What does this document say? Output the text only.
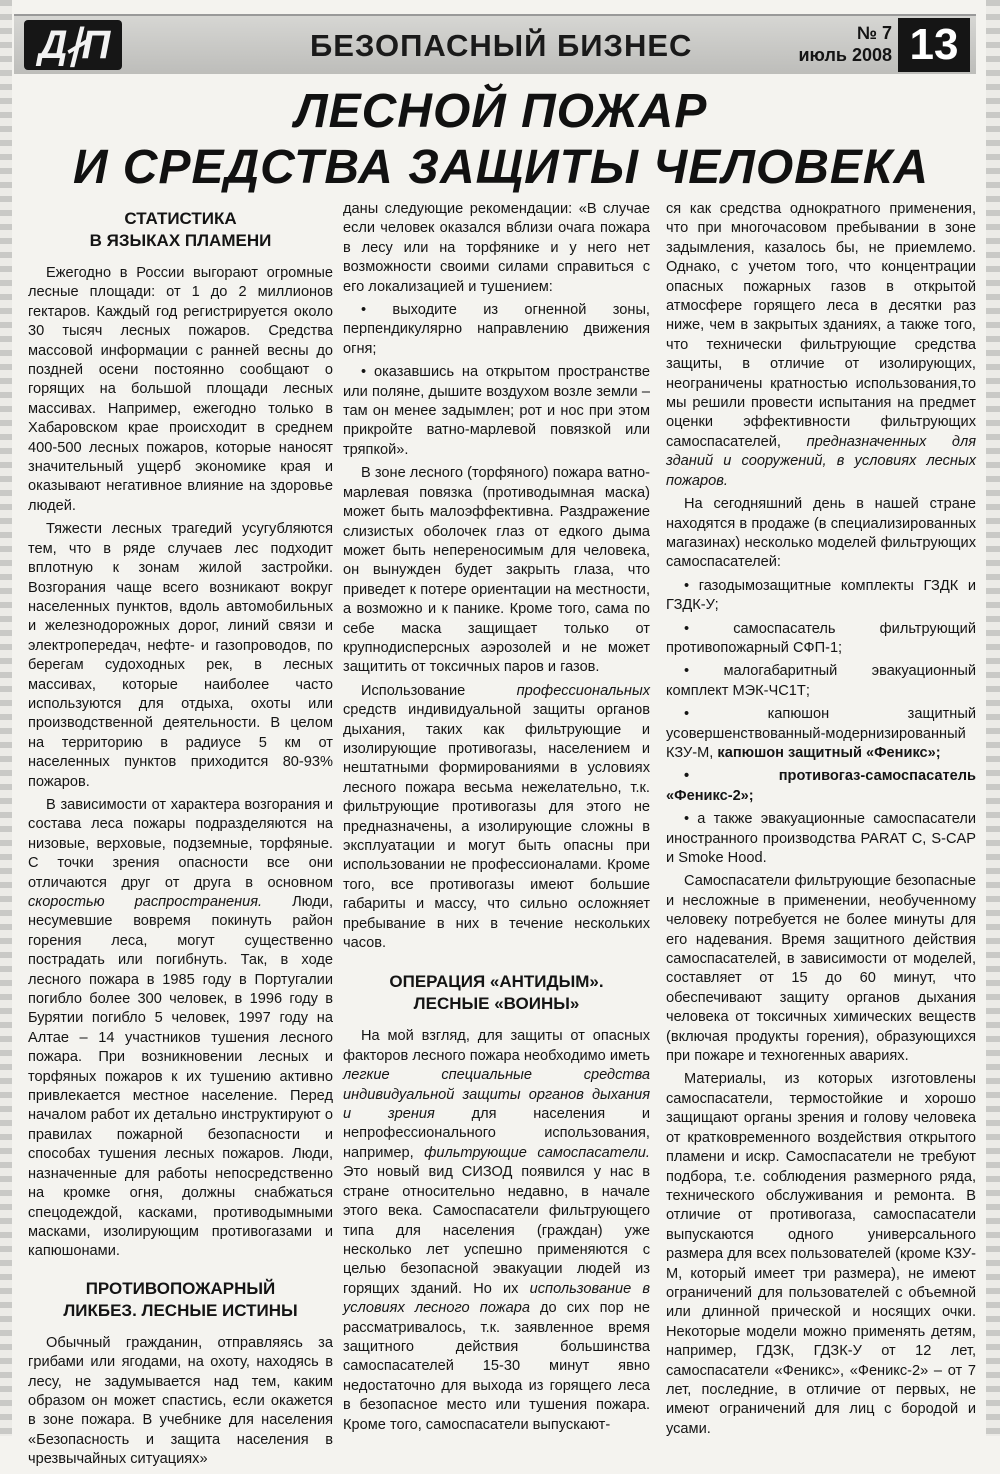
Д∤П	БЕЗОПАСНЫЙ БИЗНЕС	№ 7
июль 2008 13
ЛЕСНОЙ ПОЖАР
И СРЕДСТВА ЗАЩИТЫ ЧЕЛОВЕКА
СТАТИСТИКА
В ЯЗЫКАХ ПЛАМЕНИ

Ежегодно в России выгорают огромные лесные площади: от 1 до 2 миллионов гектаров. Каждый год регистрируется около 30 тысяч лесных пожаров. Средства массовой информации с ранней весны до поздней осени постоянно сообщают о горящих на большой площади лесных массивах. Например, ежегодно только в Хабаровском крае происходит в среднем 400-500 лесных пожаров, которые наносят значительный ущерб экономике края и оказывают негативное влияние на здоровье людей.

Тяжести лесных трагедий усугубляются тем, что в ряде случаев лес подходит вплотную к зонам жилой застройки. Возгорания чаще всего возникают вокруг населенных пунктов, вдоль автомобильных и железнодорожных дорог, линий связи и электропередач, нефте- и газопроводов, по берегам судоходных рек, в лесных массивах, которые наиболее часто используются для отдыха, охоты или производственной деятельности. В целом на территорию в радиусе 5 км от населенных пунктов приходится 80-93% пожаров.

В зависимости от характера возгорания и состава леса пожары подразделяются на низовые, верховые, подземные, торфяные. С точки зрения опасности все они отличаются друг от друга в основном скоростью распространения. Люди, несумевшие вовремя покинуть район горения леса, могут существенно пострадать или погибнуть. Так, в ходе лесного пожара в 1985 году в Португалии погибло более 300 человек, в 1996 году в Бурятии погибло 5 человек, 1997 году на Алтае – 14 участников тушения лесного пожара. При возникновении лесных и торфяных пожаров к их тушению активно привлекается местное население. Перед началом работ их детально инструктируют о правилах пожарной безопасности и способах тушения лесных пожаров. Люди, назначенные для работы непосредственно на кромке огня, должны снабжаться спецодеждой, касками, противодымными масками, изолирующим противогазами и капюшонами.

ПРОТИВОПОЖАРНЫЙ
ЛИКБЕЗ. ЛЕСНЫЕ ИСТИНЫ

Обычный гражданин, отправляясь за грибами или ягодами, на охоту, находясь в лесу, не задумывается над тем, каким образом он может спастись, если окажется в зоне пожара. В учебнике для населения «Безопасность и защита населения в чрезвычайных ситуациях»

даны следующие рекомендации: «В случае если человек оказался вблизи очага пожара в лесу или на торфянике и у него нет возможности своими силами справиться с его локализацией и тушением:

• выходите из огненной зоны, перпендикулярно направлению движения огня;

• оказавшись на открытом пространстве или поляне, дышите воздухом возле земли – там он менее задымлен; рот и нос при этом прикройте ватно-марлевой повязкой или тряпкой».

В зоне лесного (торфяного) пожара ватно-марлевая повязка (противодымная маска) может быть малоэффективна. Раздражение слизистых оболочек глаз от едкого дыма может быть непереносимым для человека, он вынужден будет закрыть глаза, что приведет к потере ориентации на местности, а возможно и к панике. Кроме того, сама по себе маска защищает только от крупнодисперсных аэрозолей и не может защитить от токсичных паров и газов.

Использование профессиональных средств индивидуальной защиты органов дыхания, таких как фильтрующие и изолирующие противогазы, населением и нештатными формированиями в условиях лесного пожара весьма нежелательно, т.к. фильтрующие противогазы для этого не предназначены, а изолирующие сложны в эксплуатации и могут быть опасны при использовании не профессионалами. Кроме того, все противогазы имеют большие габариты и массу, что сильно осложняет пребывание в них в течение нескольких часов.

ОПЕРАЦИЯ «АНТИДЫМ».
ЛЕСНЫЕ «ВОИНЫ»

На мой взгляд, для защиты от опасных факторов лесного пожара необходимо иметь легкие специальные средства индивидуальной защиты органов дыхания и зрения для населения и непрофессионального использования, например, фильтрующие самоспасатели. Это новый вид СИЗОД появился у нас в стране относительно недавно, в начале этого века. Самоспасатели фильтрующего типа для населения (граждан) уже несколько лет успешно применяются с целью безопасной эвакуации людей из горящих зданий. Но их использование в условиях лесного пожара до сих пор не рассматривалось, т.к. заявленное время защитного действия большинства самоспасателей 15-30 минут явно недостаточно для выхода из горящего леса в безопасное место или тушения пожара. Кроме того, самоспасатели выпускают-

ся как средства однократного применения, что при многочасовом пребывании в зоне задымления, казалось бы, не приемлемо. Однако, с учетом того, что концентрации опасных пожарных газов в открытой атмосфере горящего леса в десятки раз ниже, чем в закрытых зданиях, а также того, что технически фильтрующие средства защиты, в отличие от изолирующих, неограничены кратностью использования,то мы решили провести испытания на предмет оценки эффективности фильтрующих самоспасателей, предназначенных для зданий и сооружений, в условиях лесных пожаров.

На сегодняшний день в нашей стране находятся в продаже (в специализированных магазинах) несколько моделей фильтрующих самоспасателей:

• газодымозащитные комплекты ГЗДК и ГЗДК-У;

• самоспасатель фильтрующий противопожарный СФП-1;

• малогабаритный эвакуационный комплект МЭК-ЧС1Т;

• капюшон защитный усовершенствованный-модернизированный КЗУ-М, капюшон защитный «Феникс»;

• противогаз-самоспасатель «Феникс-2»;

• а также эвакуационные самоспасатели иностранного производства PARAT C, S-CAP и Smoke Hood.

Самоспасатели фильтрующие безопасные и несложные в применении, необученному человеку потребуется не более минуты для его надевания. Время защитного действия самоспасателей, в зависимости от моделей, составляет от 15 до 60 минут, что обеспечивают защиту органов дыхания человека от токсичных химических веществ (включая продукты горения), образующихся при пожаре и техногенных авариях.

Материалы, из которых изготовлены самоспасатели, термостойкие и хорошо защищают органы зрения и голову человека от кратковременного воздействия открытого пламени и искр. Самоспасатели не требуют подбора, т.е. соблюдения размерного ряда, технического обслуживания и ремонта. В отличие от противогаза, самоспасатели выпускаются одного универсального размера для всех пользователей (кроме КЗУ-М, который имеет три размера), не имеют ограничений для пользователей с объемной или длинной прической и носящих очки. Некоторые модели можно применять детям, например, ГДЗК, ГДЗК-У от 12 лет, самоспасатели «Феникс», «Феникс-2» – от 7 лет, последние, в отличие от первых, не имеют ограничений для лиц с бородой и усами.
